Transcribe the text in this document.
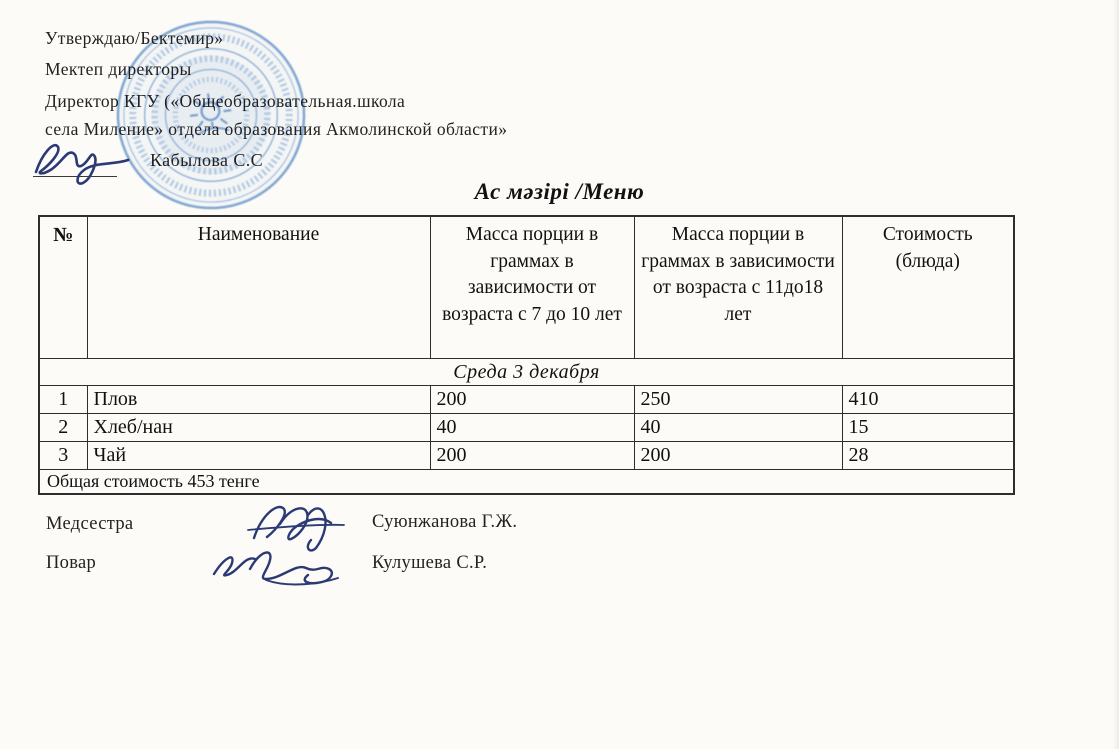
Утверждаю/Бектемир»
Мектеп директоры
Директор КГУ («Общеобразовательная.школа
села Миление» отдела образования Акмолинской области»
Кабылова С.С
Ас мәзірі /Меню
№	Наименование	Масса порции в граммах в зависимости от возраста с 7 до 10 лет	Масса порции в граммах в зависимости от возраста с 11до18 лет	Стоимость (блюда)
Среда 3 декабря				
1	Плов	200	250	410
2	Хлеб/нан	40	40	15
3	Чай	200	200	28
Общая стоимость 453 тенге				
Медсестра	Суюнжанова Г.Ж.
Повар	Кулушева С.Р.
